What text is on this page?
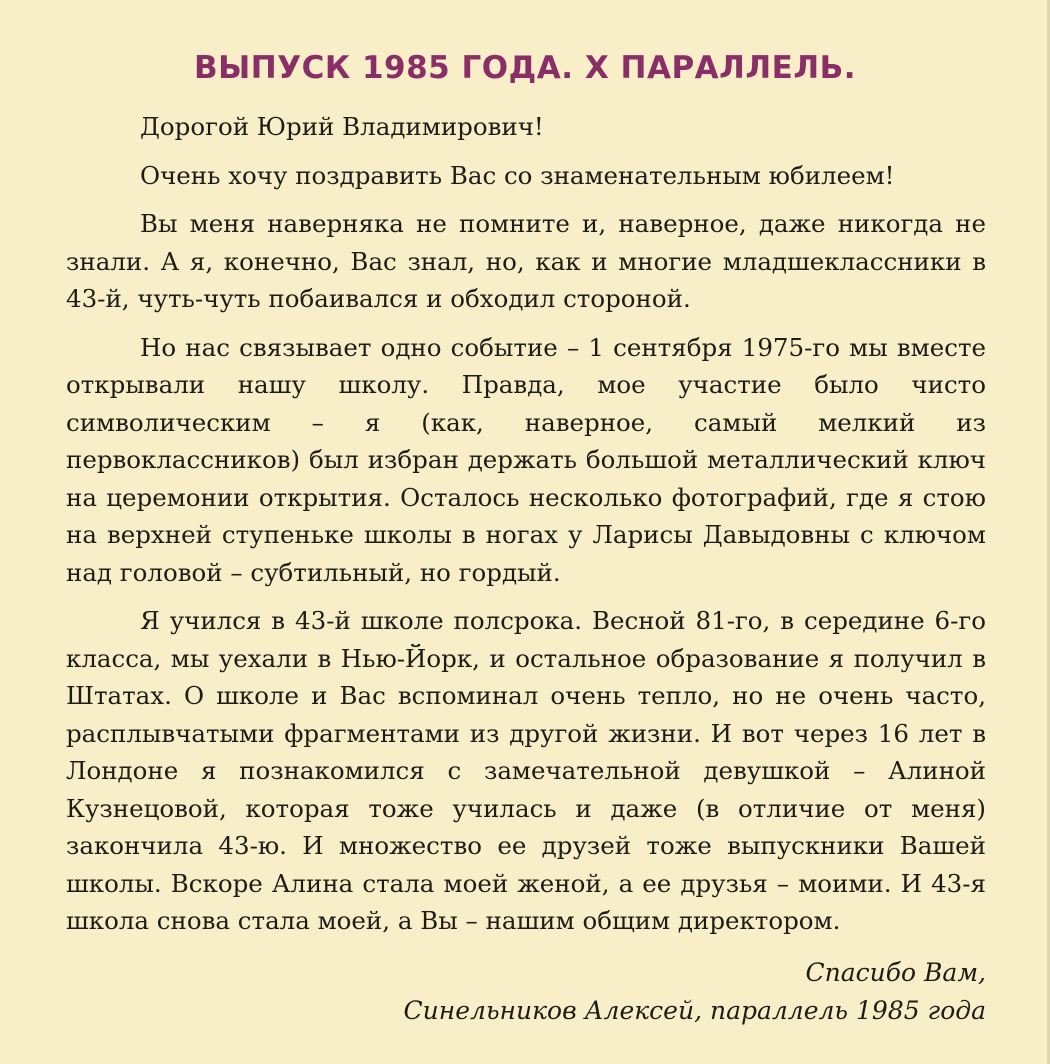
ВЫПУСК 1985 ГОДА. X ПАРАЛЛЕЛЬ.

Дорогой Юрий Владимирович!

Очень хочу поздравить Вас со знаменательным юбилеем!

Вы меня наверняка не помните и, наверное, даже никогда не знали. А я, конечно, Вас знал, но, как и многие младшеклассники в 43-й, чуть-чуть побаивался и обходил стороной.

Но нас связывает одно событие – 1 сентября 1975-го мы вместе открывали нашу школу. Правда, мое участие было чисто символическим – я (как, наверное, самый мелкий из первоклассников) был избран держать большой металлический ключ на церемонии открытия. Осталось несколько фотографий, где я стою на верхней ступеньке школы в ногах у Ларисы Давыдовны с ключом над головой – субтильный, но гордый.

Я учился в 43-й школе полсрока. Весной 81-го, в середине 6-го класса, мы уехали в Нью-Йорк, и остальное образование я получил в Штатах. О школе и Вас вспоминал очень тепло, но не очень часто, расплывчатыми фрагментами из другой жизни. И вот через 16 лет в Лондоне я познакомился с замечательной девушкой – Алиной Кузнецовой, которая тоже училась и даже (в отличие от меня) закончила 43-ю. И множество ее друзей тоже выпускники Вашей школы. Вскоре Алина стала моей женой, а ее друзья – моими. И 43-я школа снова стала моей, а Вы – нашим общим директором.

Спасибо Вам,
Синельников Алексей, параллель 1985 года
